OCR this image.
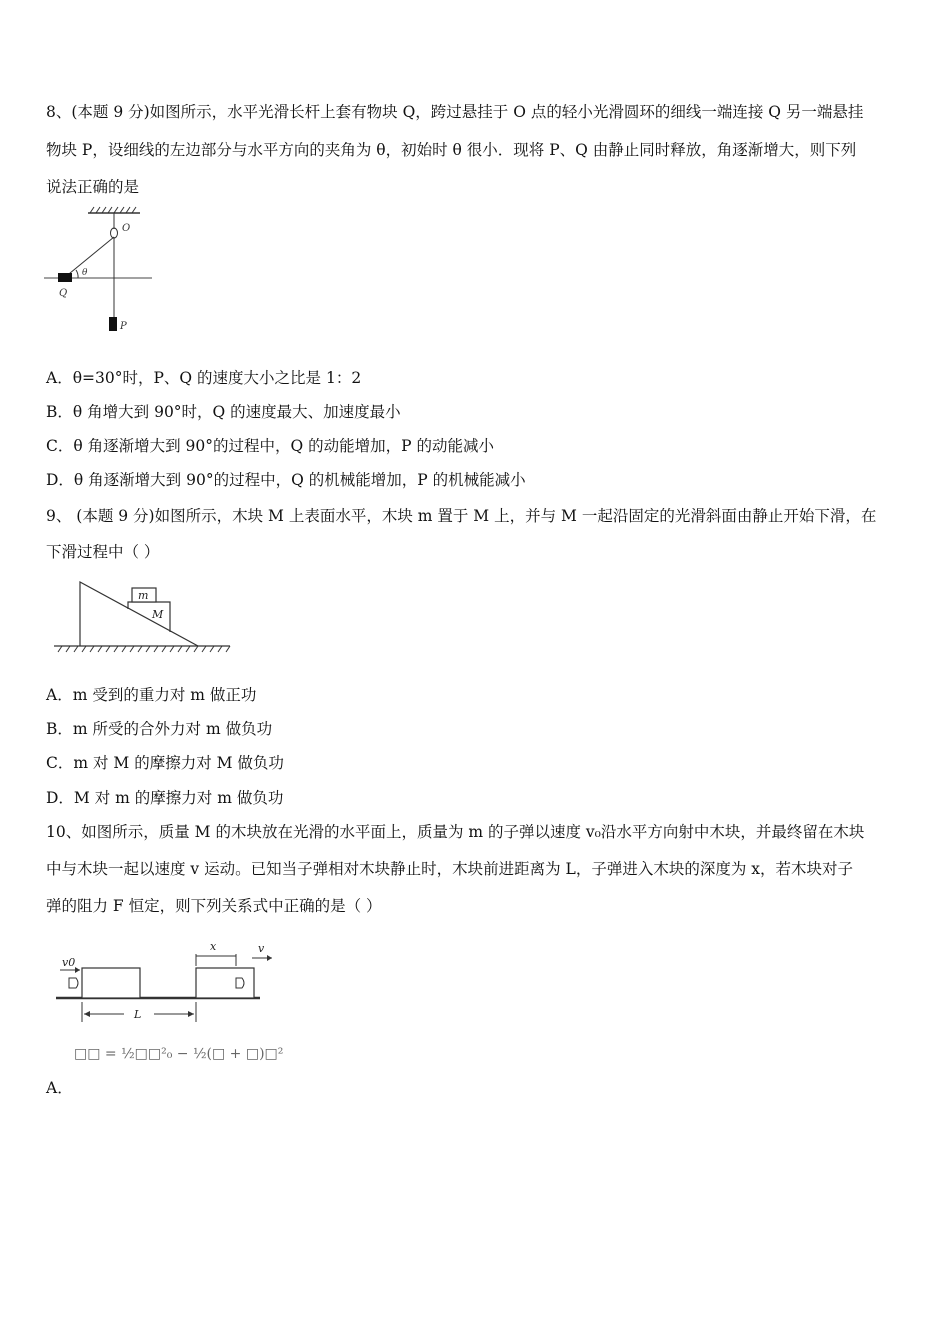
8、(本题 9 分)如图所示，水平光滑长杆上套有物块 Q，跨过悬挂于 O 点的轻小光滑圆环的细线一端连接 Q 另一端悬挂
物块 P，设细线的左边部分与水平方向的夹角为 θ，初始时 θ 很小．现将 P、Q 由静止同时释放，角逐渐增大，则下列
说法正确的是
O
θ
Q
P
A．θ=30°时，P、Q 的速度大小之比是 1：2
B．θ 角增大到 90°时，Q 的速度最大、加速度最小
C．θ 角逐渐增大到 90°的过程中，Q 的动能增加，P 的动能减小
D．θ 角逐渐增大到 90°的过程中，Q 的机械能增加，P 的机械能减小
9、 (本题 9 分)如图所示，木块 M 上表面水平，木块 m 置于 M 上，并与 M 一起沿固定的光滑斜面由静止开始下滑，在
下滑过程中（ ）
m
M
A．m 受到的重力对 m 做正功
B．m 所受的合外力对 m 做负功
C．m 对 M 的摩擦力对 M 做负功
D．M 对 m 的摩擦力对 m 做负功
10、如图所示，质量 M 的木块放在光滑的水平面上，质量为 m 的子弹以速度 v₀沿水平方向射中木块，并最终留在木块
中与木块一起以速度 v 运动。已知当子弹相对木块静止时，木块前进距离为 L，子弹进入木块的深度为 x，若木块对子
弹的阻力 F 恒定，则下列关系式中正确的是（ ）
v0
x	v
L
□□ = ½□□²₀ − ½(□ + □)□²
A．
